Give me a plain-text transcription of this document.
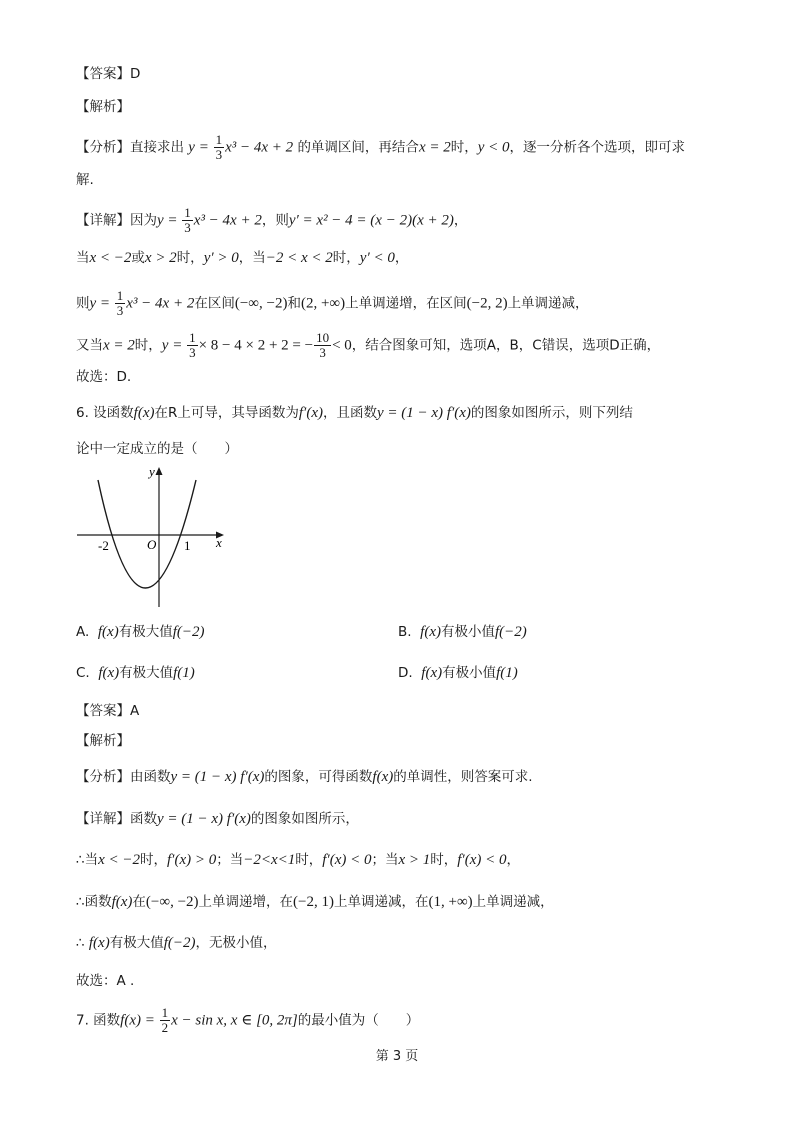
【答案】D
【解析】
【分析】直接求出 $y = \frac{1}{3} x^3 - 4x + 2$ 的单调区间，再结合x = 2时，y < 0，逐一分析各个选项，即可求
解.
【详解】因为$y = \frac{1}{3} x^3 - 4x + 2$，则y′ = x² − 4 = (x − 2)(x + 2)，
当x < −2或x > 2时，y′ > 0，当−2 < x < 2时，y′ < 0，
则$y = \frac{1}{3} x^3 - 4x + 2$在区间(−∞, −2)和(2, +∞)上单调递增，在区间(−2, 2)上单调递减，
又当x = 2时，$y = \frac{1}{3} \times 8 - 4 \times 2 + 2$ = − $\frac{10}{3} < 0$，结合图象可知，选项A，B，C错误，选项D正确，
故选：D.
6. 设函数f(x)在R上可导，其导函数为f′(x)，且函数y = (1 − x) f′(x)的图象如图所示，则下列结
论中一定成立的是（　　）
y
x
O
-2	1
A. f(x)有极大值f(−2)	B. f(x)有极小值f(−2)
C. f(x)有极大值f(1)	D. f(x)有极小值f(1)
【答案】A
【解析】
【分析】由函数y = (1 − x) f′(x)的图象，可得函数f(x)的单调性，则答案可求.
【详解】函数y = (1 − x) f′(x)的图象如图所示，
∴当x < −2时，f′(x) > 0；当−2<x<1时，f′(x) < 0；当x > 1时，f′(x) < 0，
∴函数f(x)在(−∞, −2)上单调递增，在(−2, 1)上单调递减，在(1, +∞)上单调递减，
∴ f(x)有极大值f(−2)，无极小值，
故选：A .
7. 函数$f(x) = \frac{1}{2}$ x − sin x, x ∈ [0, 2π]的最小值为（　　）
第 3 页
